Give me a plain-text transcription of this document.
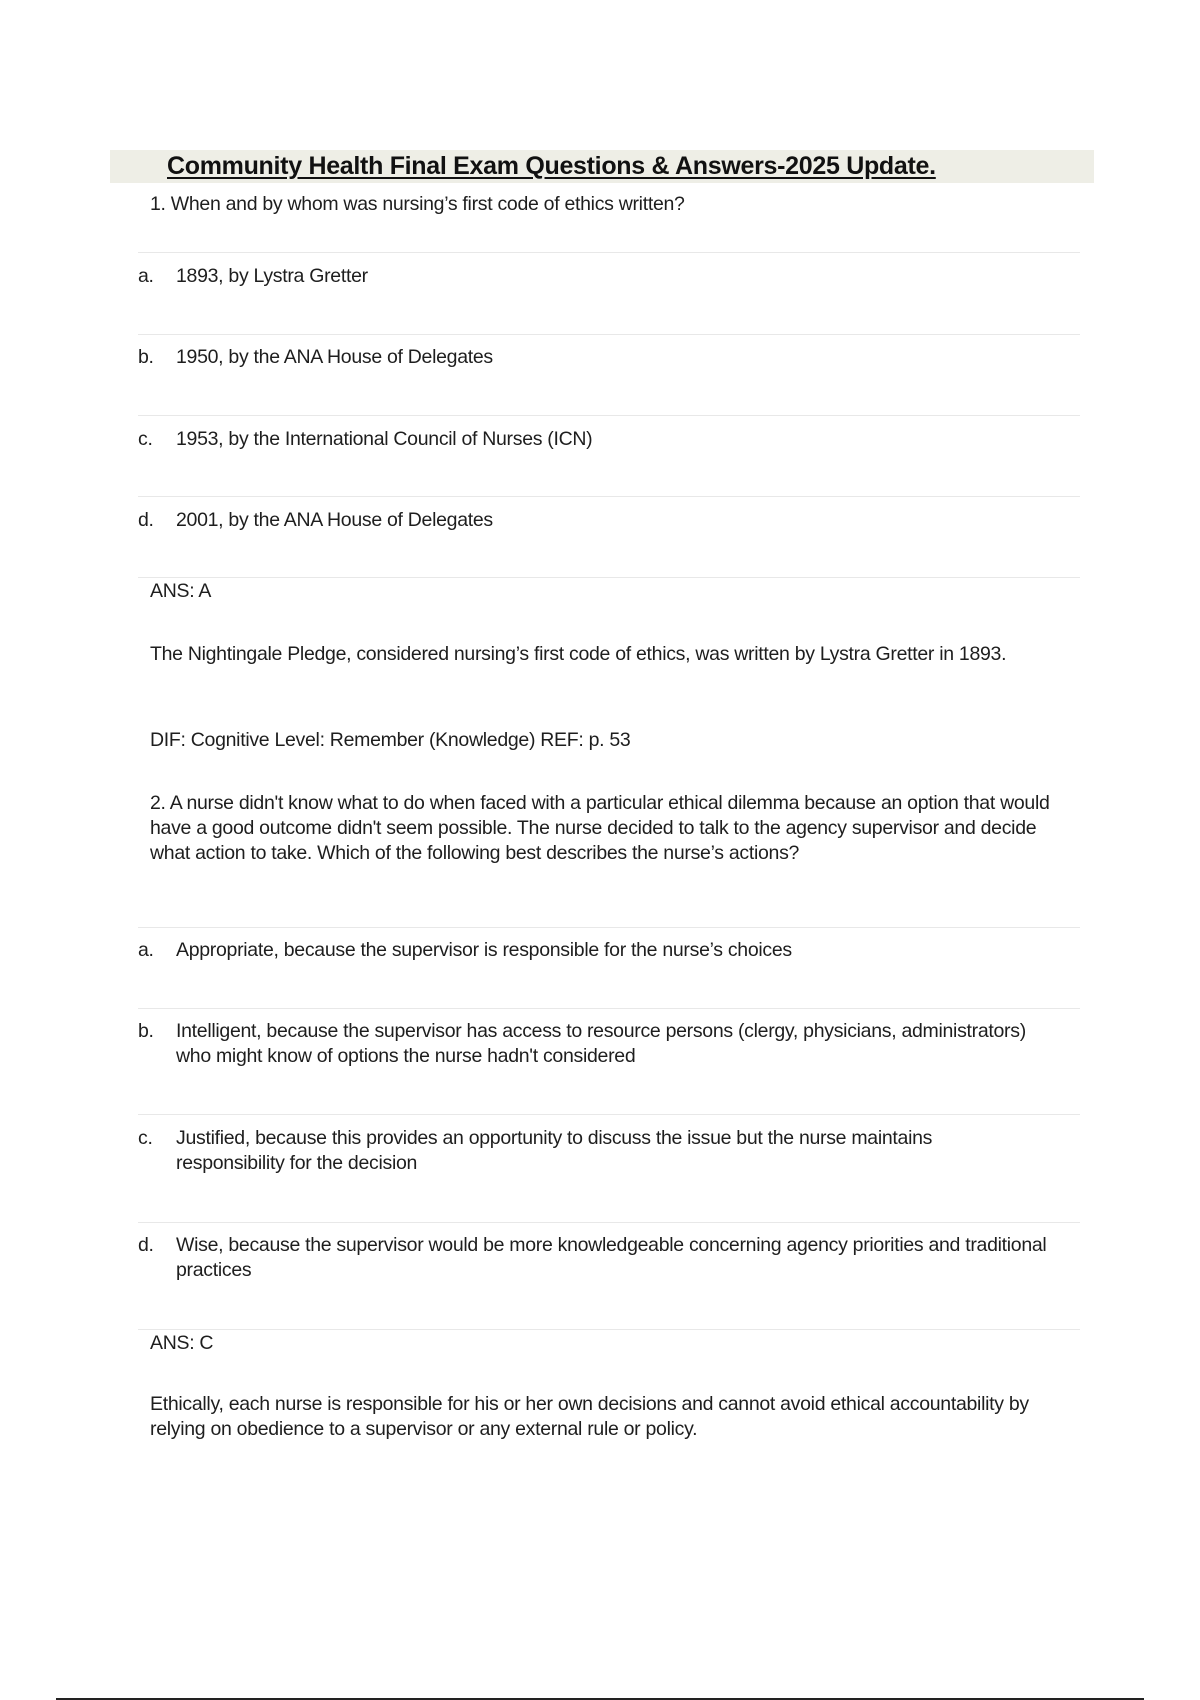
Community Health Final Exam Questions & Answers-2025 Update.
1. When and by whom was nursing’s first code of ethics written?
a. 1893, by Lystra Gretter
b. 1950, by the ANA House of Delegates
c. 1953, by the International Council of Nurses (ICN)
d. 2001, by the ANA House of Delegates
ANS: A
The Nightingale Pledge, considered nursing’s first code of ethics, was written by Lystra Gretter in 1893.
DIF: Cognitive Level: Remember (Knowledge) REF: p. 53
2. A nurse didn't know what to do when faced with a particular ethical dilemma because an option that would have a good outcome didn't seem possible. The nurse decided to talk to the agency supervisor and decide what action to take. Which of the following best describes the nurse’s actions?
a. Appropriate, because the supervisor is responsible for the nurse’s choices
b. Intelligent, because the supervisor has access to resource persons (clergy, physicians, administrators) who might know of options the nurse hadn't considered
c. Justified, because this provides an opportunity to discuss the issue but the nurse maintains responsibility for the decision
d. Wise, because the supervisor would be more knowledgeable concerning agency priorities and traditional practices
ANS: C
Ethically, each nurse is responsible for his or her own decisions and cannot avoid ethical accountability by relying on obedience to a supervisor or any external rule or policy.
